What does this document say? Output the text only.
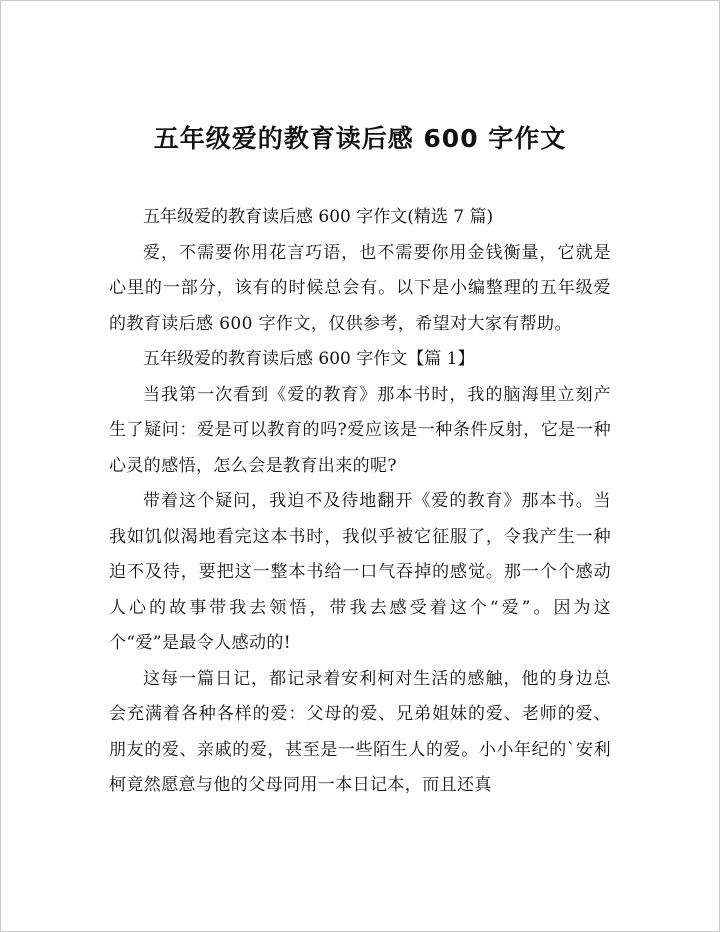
五年级爱的教育读后感 600 字作文

五年级爱的教育读后感 600 字作文(精选 7 篇)

爱，不需要你用花言巧语，也不需要你用金钱衡量，它就是心里的一部分，该有的时候总会有。以下是小编整理的五年级爱的教育读后感 600 字作文，仅供参考，希望对大家有帮助。

五年级爱的教育读后感 600 字作文【篇 1】

当我第一次看到《爱的教育》那本书时，我的脑海里立刻产生了疑问：爱是可以教育的吗?爱应该是一种条件反射，它是一种心灵的感悟，怎么会是教育出来的呢?

带着这个疑问，我迫不及待地翻开《爱的教育》那本书。当我如饥似渴地看完这本书时，我似乎被它征服了，令我产生一种迫不及待，要把这一整本书给一口气吞掉的感觉。那一个个感动人心的故事带我去领悟，带我去感受着这个“爱”。因为这个“爱”是最令人感动的!

这每一篇日记，都记录着安利柯对生活的感触，他的身边总会充满着各种各样的爱：父母的爱、兄弟姐妹的爱、老师的爱、朋友的爱、亲戚的爱，甚至是一些陌生人的爱。小小年纪的`安利柯竟然愿意与他的父母同用一本日记本，而且还真
